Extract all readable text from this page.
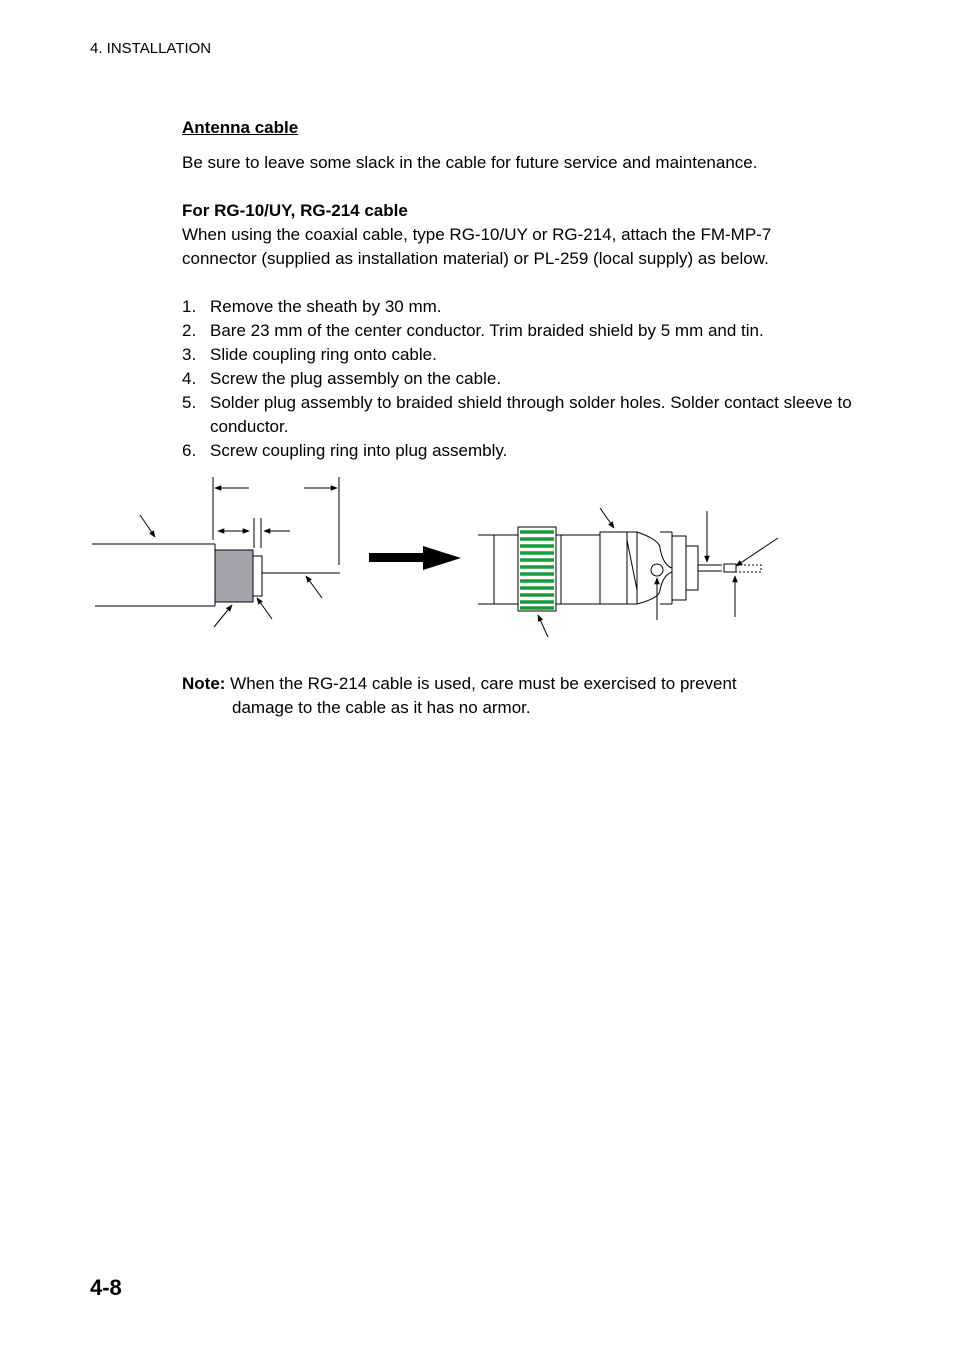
4. INSTALLATION
Antenna cable
Be sure to leave some slack in the cable for future service and maintenance.
For RG-10/UY, RG-214 cable
When using the coaxial cable, type RG-10/UY or RG-214, attach the FM-MP-7
connector (supplied as installation material) or PL-259 (local supply) as below.
1. Remove the sheath by 30 mm.
2. Bare 23 mm of the center conductor. Trim braided shield by 5 mm and tin.
3. Slide coupling ring onto cable.
4. Screw the plug assembly on the cable.
5. Solder plug assembly to braided shield through solder holes. Solder contact sleeve to conductor.
6. Screw coupling ring into plug assembly.
Note: When the RG-214 cable is used, care must be exercised to prevent
damage to the cable as it has no armor.
4-8
